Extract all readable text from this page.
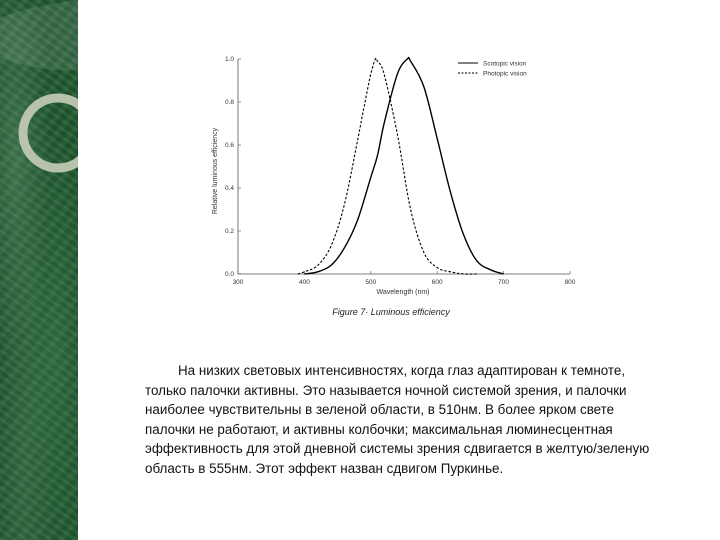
0.0
0.2
0.4
0.6
0.8
1.0
300	400	500	600	700	800
Scotopic vision
Photopic vision
Relative luminous efficiency
Wavelength (nm)
Figure 7· Luminous efficiency

На низких световых интенсивностях, когда глаз адаптирован к темноте, только палочки активны. Это называется ночной системой зрения, и палочки наиболее чувствительны в зеленой области, в 510нм. В более ярком свете палочки не работают, и активны колбочки; максимальная люминесцентная эффективность для этой дневной системы зрения сдвигается в желтую/зеленую область в 555нм. Этот эффект назван сдвигом Пуркинье.
